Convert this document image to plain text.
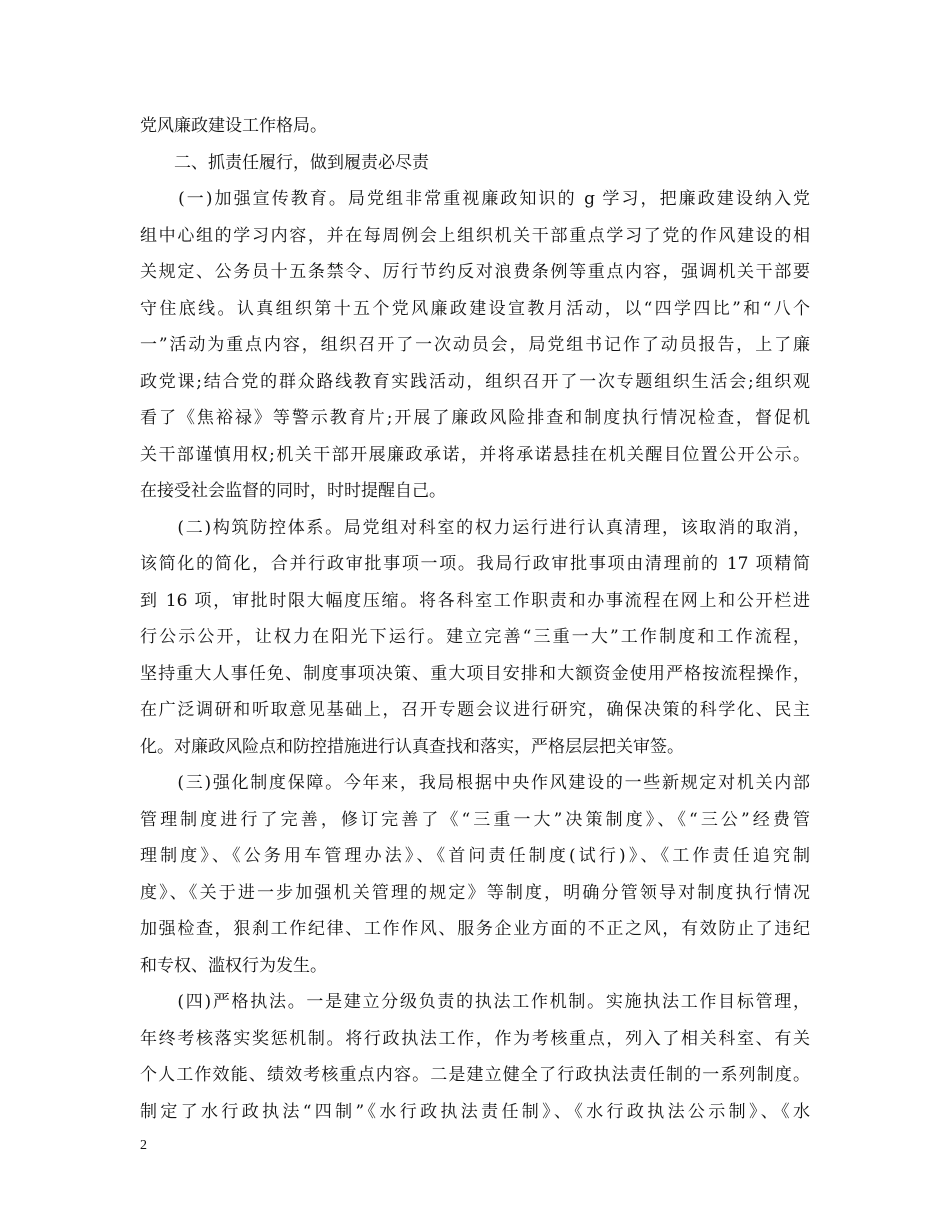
党风廉政建设工作格局。
　　二、抓责任履行，做到履责必尽责
　　(一)加强宣传教育。局党组非常重视廉政知识的 g 学习，把廉政建设纳入党
组中心组的学习内容，并在每周例会上组织机关干部重点学习了党的作风建设的相
关规定、公务员十五条禁令、厉行节约反对浪费条例等重点内容，强调机关干部要
守住底线。认真组织第十五个党风廉政建设宣教月活动，以“四学四比”和“八个
一”活动为重点内容，组织召开了一次动员会，局党组书记作了动员报告，上了廉
政党课;结合党的群众路线教育实践活动，组织召开了一次专题组织生活会;组织观
看了《焦裕禄》等警示教育片;开展了廉政风险排查和制度执行情况检查，督促机
关干部谨慎用权;机关干部开展廉政承诺，并将承诺悬挂在机关醒目位置公开公示。
在接受社会监督的同时，时时提醒自己。
　　(二)构筑防控体系。局党组对科室的权力运行进行认真清理，该取消的取消，
该简化的简化，合并行政审批事项一项。我局行政审批事项由清理前的 17 项精简
到 16 项，审批时限大幅度压缩。将各科室工作职责和办事流程在网上和公开栏进
行公示公开，让权力在阳光下运行。建立完善“三重一大”工作制度和工作流程，
坚持重大人事任免、制度事项决策、重大项目安排和大额资金使用严格按流程操作，
在广泛调研和听取意见基础上，召开专题会议进行研究，确保决策的科学化、民主
化。对廉政风险点和防控措施进行认真查找和落实，严格层层把关审签。
　　(三)强化制度保障。今年来，我局根据中央作风建设的一些新规定对机关内部
管理制度进行了完善，修订完善了《“三重一大”决策制度》、《“三公”经费管
理制度》、《公务用车管理办法》、《首问责任制度(试行)》、《工作责任追究制
度》、《关于进一步加强机关管理的规定》等制度，明确分管领导对制度执行情况
加强检查，狠刹工作纪律、工作作风、服务企业方面的不正之风，有效防止了违纪
和专权、滥权行为发生。
　　(四)严格执法。一是建立分级负责的执法工作机制。实施执法工作目标管理，
年终考核落实奖惩机制。将行政执法工作，作为考核重点，列入了相关科室、有关
个人工作效能、绩效考核重点内容。二是建立健全了行政执法责任制的一系列制度。
制定了水行政执法“四制”《水行政执法责任制》、《水行政执法公示制》、《水
2
